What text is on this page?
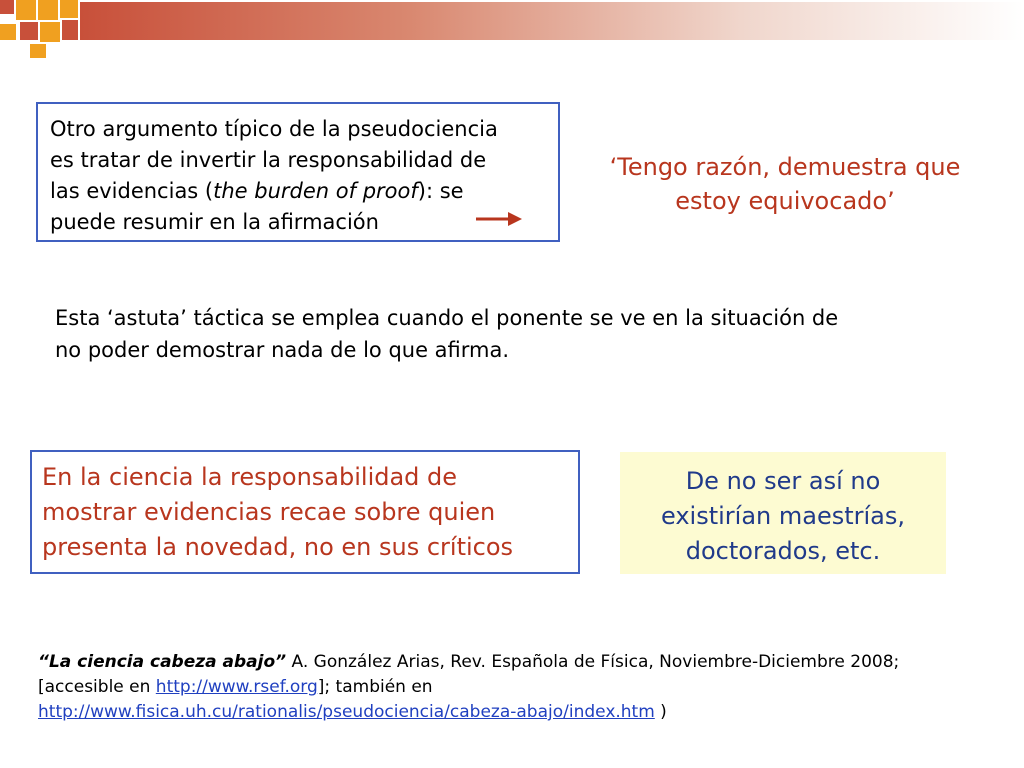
Otro argumento típico de la pseudociencia
es tratar de invertir la responsabilidad de
las evidencias (the burden of proof): se
puede resumir en la afirmación
‘Tengo razón, demuestra que
estoy equivocado’
Esta ‘astuta’ táctica se emplea cuando el ponente se ve en la situación de
no poder demostrar nada de lo que afirma.
En la ciencia la responsabilidad de
mostrar evidencias recae sobre quien
presenta la novedad, no en sus críticos
De no ser así no
existirían maestrías,
doctorados, etc.
“La ciencia cabeza abajo” A. González Arias, Rev. Española de Física, Noviembre-Diciembre 2008;
[accesible en http://www.rsef.org]; también en
http://www.fisica.uh.cu/rationalis/pseudociencia/cabeza-abajo/index.htm )
